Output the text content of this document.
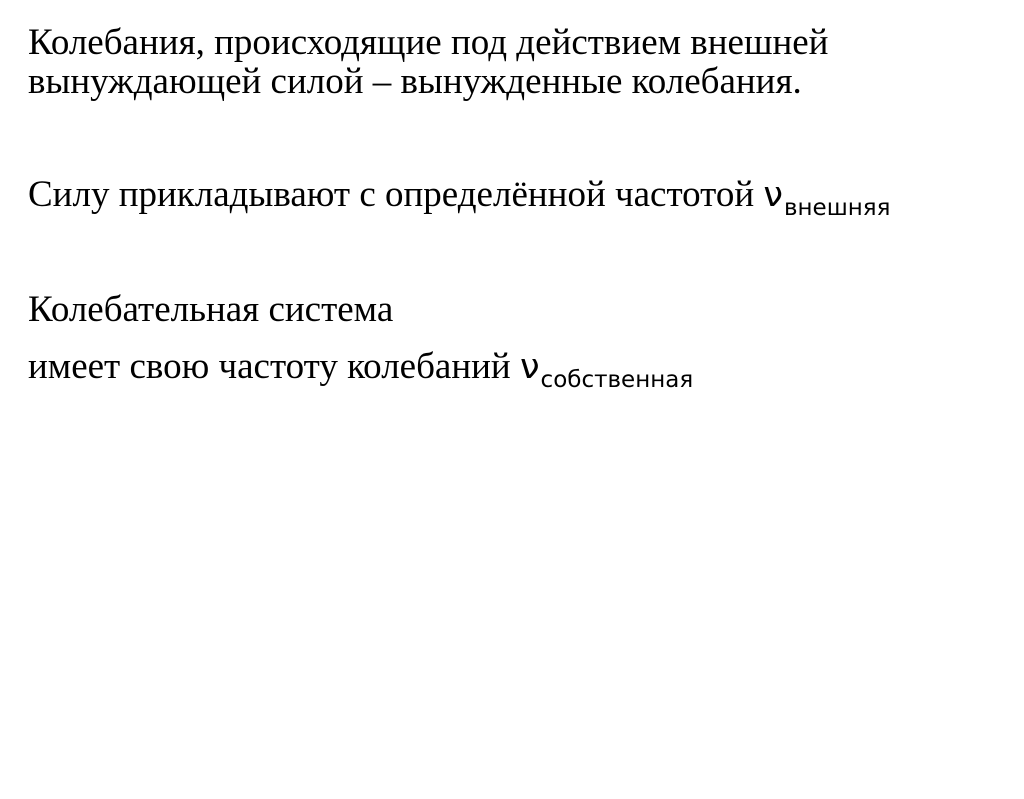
Колебания, происходящие под действием внешней

вынуждающей силой – вынужденные колебания.

Силу прикладывают с определённой частотой $\nu_{внешняя}$

Колебательная система

имеет свою частоту колебаний $\nu_{собственная}$
